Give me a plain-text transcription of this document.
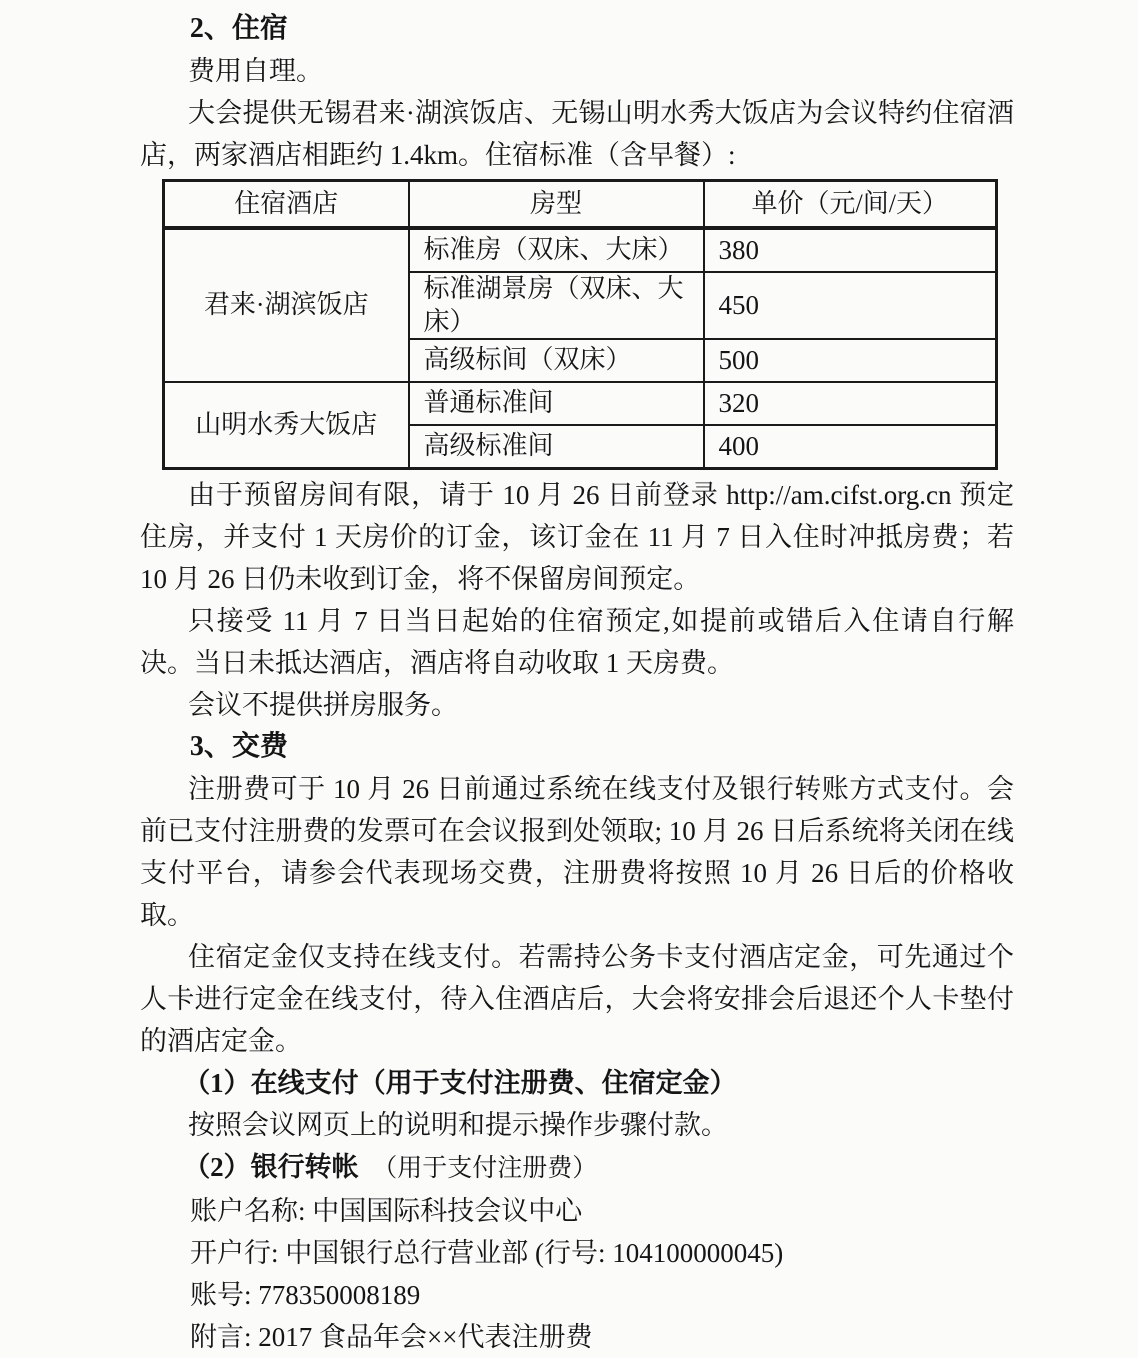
2、住宿

费用自理。

大会提供无锡君来·湖滨饭店、无锡山明水秀大饭店为会议特约住宿酒店，两家酒店相距约 1.4km。住宿标准（含早餐）:

住宿酒店	房型	单价（元/间/天）
君来·湖滨饭店	标准房（双床、大床）	380
	标准湖景房（双床、大床）	450
	高级标间（双床）	500
山明水秀大饭店	普通标准间	320
	高级标准间	400

由于预留房间有限，请于 10 月 26 日前登录 http://am.cifst.org.cn 预定住房，并支付 1 天房价的订金，该订金在 11 月 7 日入住时冲抵房费；若 10 月 26 日仍未收到订金，将不保留房间预定。

只接受 11 月 7 日当日起始的住宿预定,如提前或错后入住请自行解决。当日未抵达酒店，酒店将自动收取 1 天房费。

会议不提供拼房服务。

3、交费

注册费可于 10 月 26 日前通过系统在线支付及银行转账方式支付。会前已支付注册费的发票可在会议报到处领取; 10 月 26 日后系统将关闭在线支付平台，请参会代表现场交费，注册费将按照 10 月 26 日后的价格收取。

住宿定金仅支持在线支付。若需持公务卡支付酒店定金，可先通过个人卡进行定金在线支付，待入住酒店后，大会将安排会后退还个人卡垫付的酒店定金。

（1）在线支付（用于支付注册费、住宿定金）

按照会议网页上的说明和提示操作步骤付款。

（2）银行转帐  （用于支付注册费）

账户名称: 中国国际科技会议中心

开户行: 中国银行总行营业部 (行号: 104100000045)

账号: 778350008189

附言: 2017 食品年会××代表注册费
